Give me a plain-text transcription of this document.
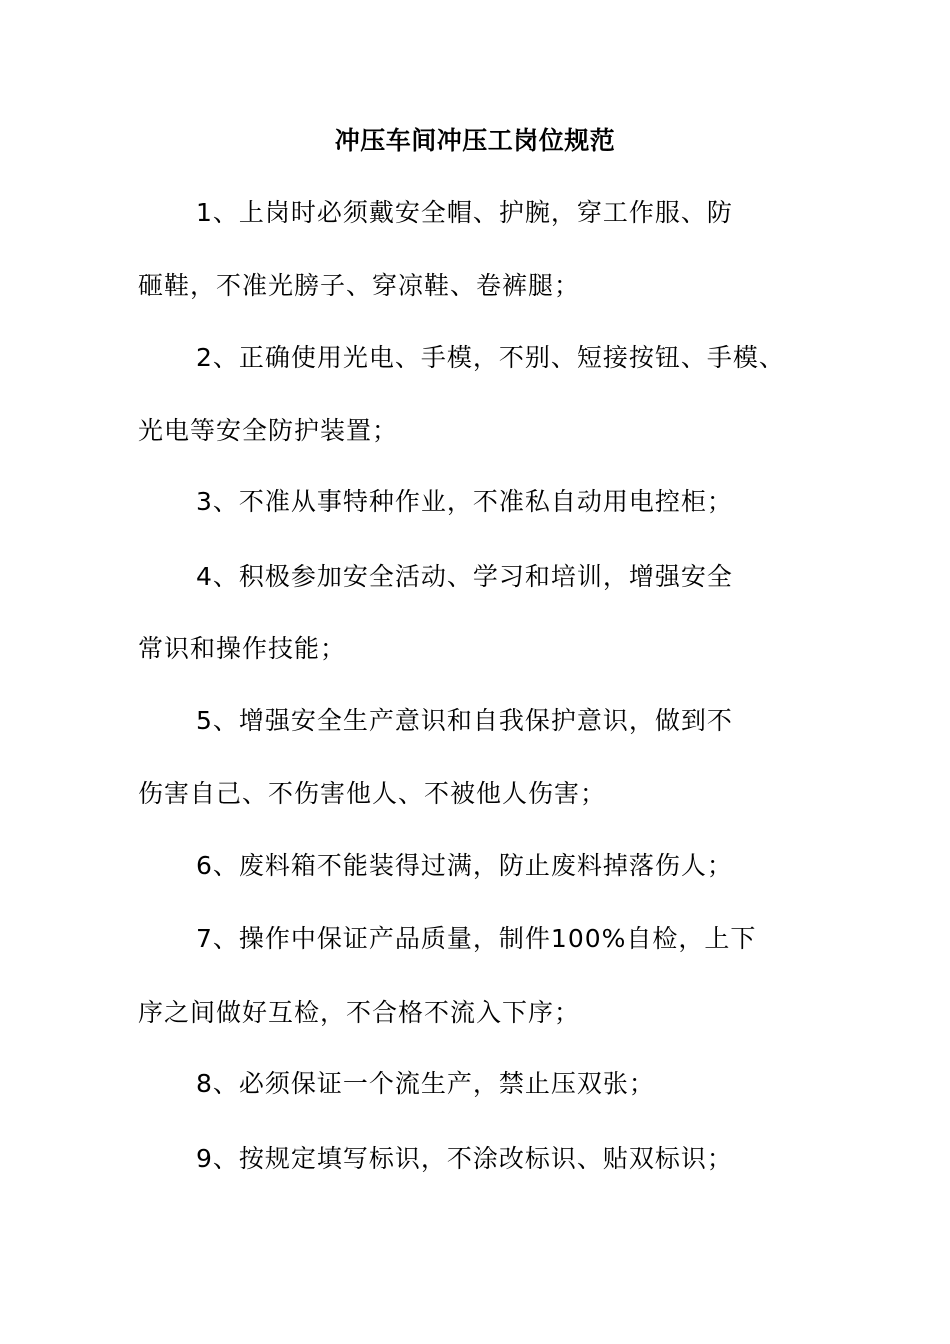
冲压车间冲压工岗位规范
1、上岗时必须戴安全帽、护腕，穿工作服、防
砸鞋，不准光膀子、穿凉鞋、卷裤腿；
2、正确使用光电、手模，不别、短接按钮、手模、
光电等安全防护装置；
3、不准从事特种作业，不准私自动用电控柜；
4、积极参加安全活动、学习和培训，增强安全
常识和操作技能；
5、增强安全生产意识和自我保护意识，做到不
伤害自己、不伤害他人、不被他人伤害；
6、废料箱不能装得过满，防止废料掉落伤人；
7、操作中保证产品质量，制件100%自检，上下
序之间做好互检，不合格不流入下序；
8、必须保证一个流生产，禁止压双张；
9、按规定填写标识，不涂改标识、贴双标识；
